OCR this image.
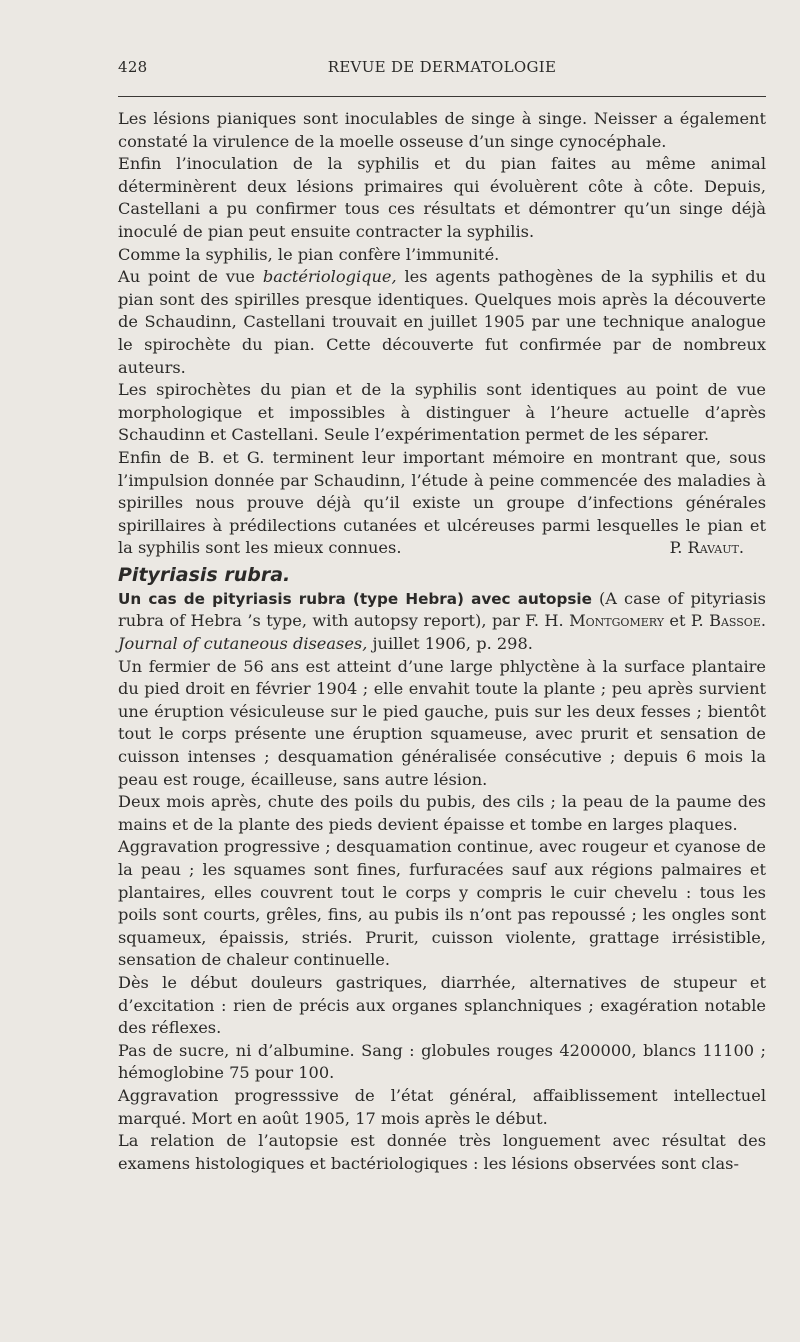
428	REVUE DE DERMATOLOGIE

Les lésions pianiques sont inoculables de singe à singe. Neisser a également constaté la virulence de la moelle osseuse d’un singe cynocéphale.

Enfin l’inoculation de la syphilis et du pian faites au même animal déterminèrent deux lésions primaires qui évoluèrent côte à côte. Depuis, Castellani a pu confirmer tous ces résultats et démontrer qu’un singe déjà inoculé de pian peut ensuite contracter la syphilis.

Comme la syphilis, le pian confère l’immunité.

Au point de vue bactériologique, les agents pathogènes de la syphilis et du pian sont des spirilles presque identiques. Quelques mois après la découverte de Schaudinn, Castellani trouvait en juillet 1905 par une technique analogue le spirochète du pian. Cette découverte fut confirmée par de nombreux auteurs.

Les spirochètes du pian et de la syphilis sont identiques au point de vue morphologique et impossibles à distinguer à l’heure actuelle d’après Schaudinn et Castellani. Seule l’expérimentation permet de les séparer.

Enfin de B. et G. terminent leur important mémoire en montrant que, sous l’impulsion donnée par Schaudinn, l’étude à peine commencée des maladies à spirilles nous prouve déjà qu’il existe un groupe d’infections générales spirillaires à prédilections cutanées et ulcéreuses parmi lesquelles le pian et la syphilis sont les mieux connues.	P. Ravaut.

Pityriasis rubra.

Un cas de pityriasis rubra (type Hebra) avec autopsie (A case of pityriasis rubra of Hebra ’s type, with autopsy report), par F. H. Montgomery et P. Bassoe. Journal of cutaneous diseases, juillet 1906, p. 298.

Un fermier de 56 ans est atteint d’une large phlyctène à la surface plantaire du pied droit en février 1904 ; elle envahit toute la plante ; peu après survient une éruption vésiculeuse sur le pied gauche, puis sur les deux fesses ; bientôt tout le corps présente une éruption squameuse, avec prurit et sensation de cuisson intenses ; desquamation généralisée consécutive ; depuis 6 mois la peau est rouge, écailleuse, sans autre lésion.

Deux mois après, chute des poils du pubis, des cils ; la peau de la paume des mains et de la plante des pieds devient épaisse et tombe en larges plaques.

Aggravation progressive ; desquamation continue, avec rougeur et cyanose de la peau ; les squames sont fines, furfuracées sauf aux régions palmaires et plantaires, elles couvrent tout le corps y compris le cuir chevelu : tous les poils sont courts, grêles, fins, au pubis ils n’ont pas repoussé ; les ongles sont squameux, épaissis, striés. Prurit, cuisson violente, grattage irrésistible, sensation de chaleur continuelle.

Dès le début douleurs gastriques, diarrhée, alternatives de stupeur et d’excitation : rien de précis aux organes splanchniques ; exagération notable des réflexes.

Pas de sucre, ni d’albumine. Sang : globules rouges 4200000, blancs 11100 ; hémoglobine 75 pour 100.

Aggravation progresssive de l’état général, affaiblissement intellectuel marqué. Mort en août 1905, 17 mois après le début.

La relation de l’autopsie est donnée très longuement avec résultat des examens histologiques et bactériologiques : les lésions observées sont clas-
